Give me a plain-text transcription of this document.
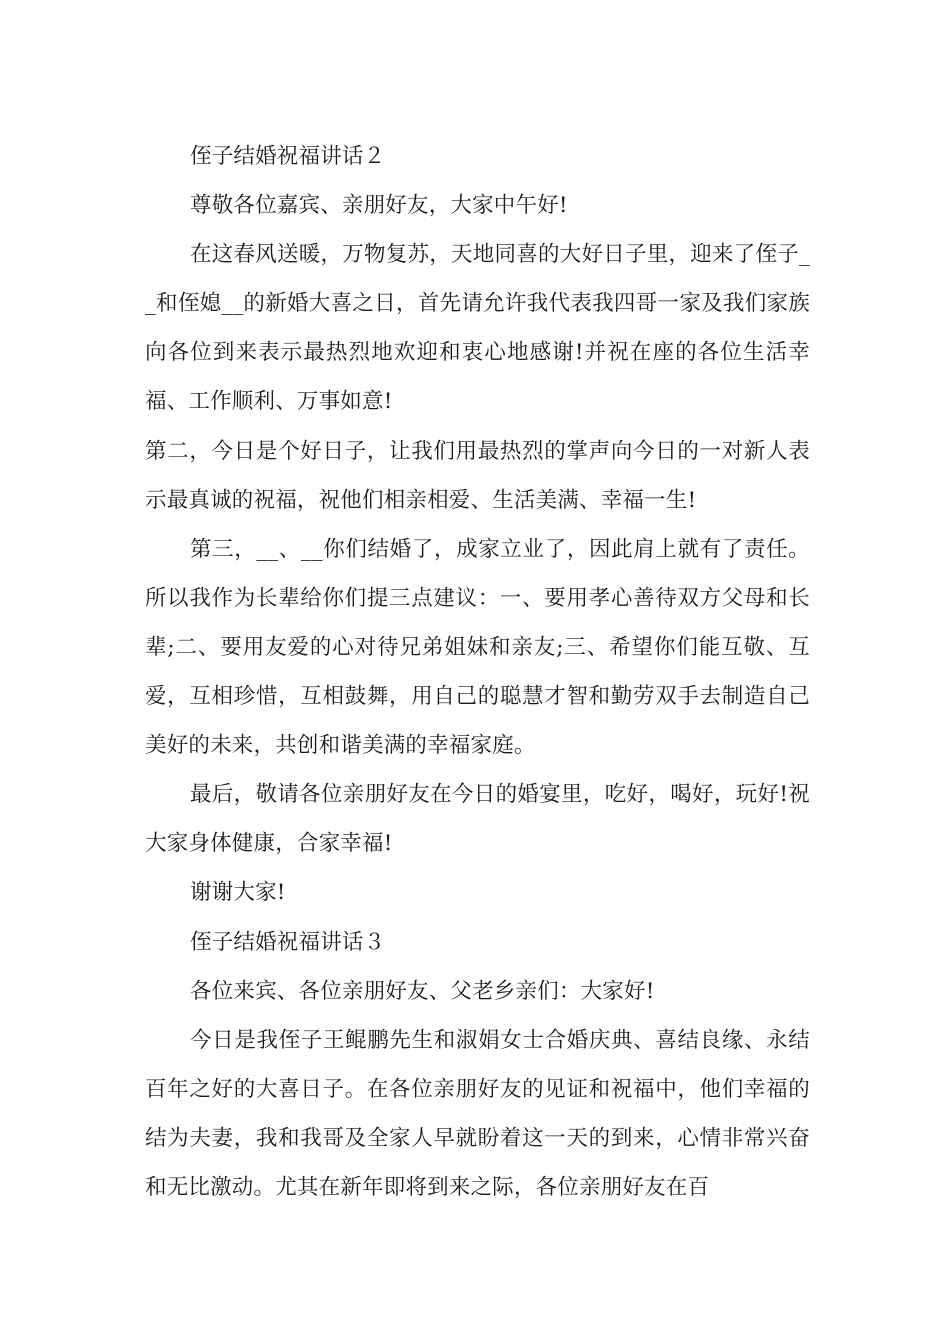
侄子结婚祝福讲话２

尊敬各位嘉宾、亲朋好友，大家中午好!

在这春风送暖，万物复苏，天地同喜的大好日子里，迎来了侄子__和侄媳__的新婚大喜之日，首先请允许我代表我四哥一家及我们家族向各位到来表示最热烈地欢迎和衷心地感谢!并祝在座的各位生活幸福、工作顺利、万事如意!

第二，今日是个好日子，让我们用最热烈的掌声向今日的一对新人表示最真诚的祝福，祝他们相亲相爱、生活美满、幸福一生!

第三，__、__你们结婚了，成家立业了，因此肩上就有了责任。所以我作为长辈给你们提三点建议：一、要用孝心善待双方父母和长辈;二、要用友爱的心对待兄弟姐妹和亲友;三、希望你们能互敬、互爱，互相珍惜，互相鼓舞，用自己的聪慧才智和勤劳双手去制造自己美好的未来，共创和谐美满的幸福家庭。

最后，敬请各位亲朋好友在今日的婚宴里，吃好，喝好，玩好!祝大家身体健康，合家幸福!

谢谢大家!

侄子结婚祝福讲话３

各位来宾、各位亲朋好友、父老乡亲们：大家好!

今日是我侄子王鲲鹏先生和淑娟女士合婚庆典、喜结良缘、永结百年之好的大喜日子。在各位亲朋好友的见证和祝福中，他们幸福的结为夫妻，我和我哥及全家人早就盼着这一天的到来，心情非常兴奋和无比激动。尤其在新年即将到来之际，各位亲朋好友在百
